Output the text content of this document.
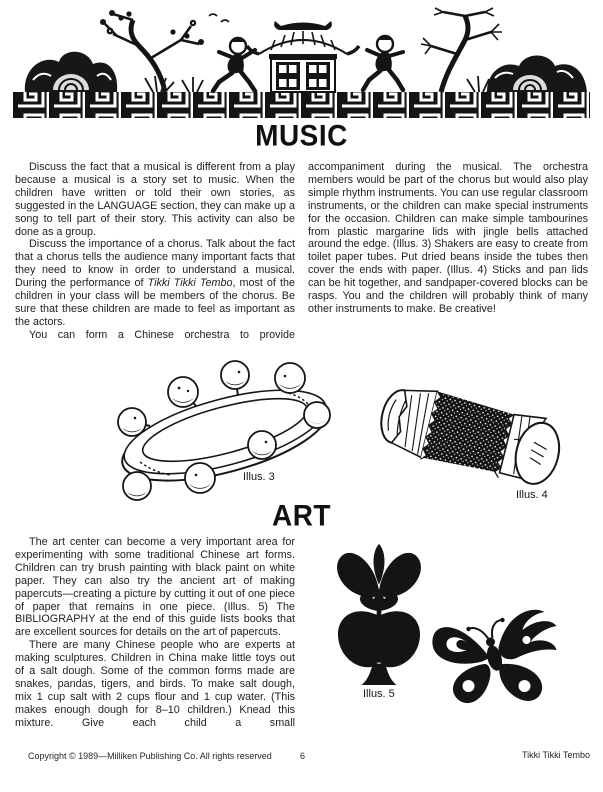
MUSIC

Discuss the fact that a musical is different from a play because a musical is a story set to music. When the children have written or told their own stories, as suggested in the LANGUAGE section, they can make up a song to tell part of their story. This activity can also be done as a group.

Discuss the importance of a chorus. Talk about the fact that a chorus tells the audience many important facts that they need to know in order to understand a musical. During the performance of Tikki Tikki Tembo, most of the children in your class will be members of the chorus. Be sure that these children are made to feel as important as the actors.

You can form a Chinese orchestra to provide

accompaniment during the musical. The orchestra members would be part of the chorus but would also play simple rhythm instruments. You can use regular classroom instruments, or the children can make special instruments for the occasion. Children can make simple tambourines from plastic margarine lids with jingle bells attached around the edge. (Illus. 3) Shakers are easy to create from toilet paper tubes. Put dried beans inside the tubes then cover the ends with paper. (Illus. 4) Sticks and pan lids can be hit together, and sandpaper-covered blocks can be rasps. You and the children will probably think of many other instruments to make. Be creative!

Illus. 3
Illus. 4
ART

The art center can become a very important area for experimenting with some traditional Chinese art forms. Children can try brush painting with black paint on white paper. They can also try the ancient art of making papercuts—creating a picture by cutting it out of one piece of paper that remains in one piece. (Illus. 5) The BIBLIOGRAPHY at the end of this guide lists books that are excellent sources for details on the art of papercuts.

There are many Chinese people who are experts at making sculptures. Children in China make little toys out of a salt dough. Some of the common forms made are snakes, pandas, tigers, and birds. To make salt dough, mix 1 cup salt with 2 cups flour and 1 cup water. (This makes enough dough for 8–10 children.) Knead this mixture. Give each child a small

Illus. 5
Copyright © 1989—Milliken Publishing Co. All rights reserved	6	Tikki Tikki Tembo
